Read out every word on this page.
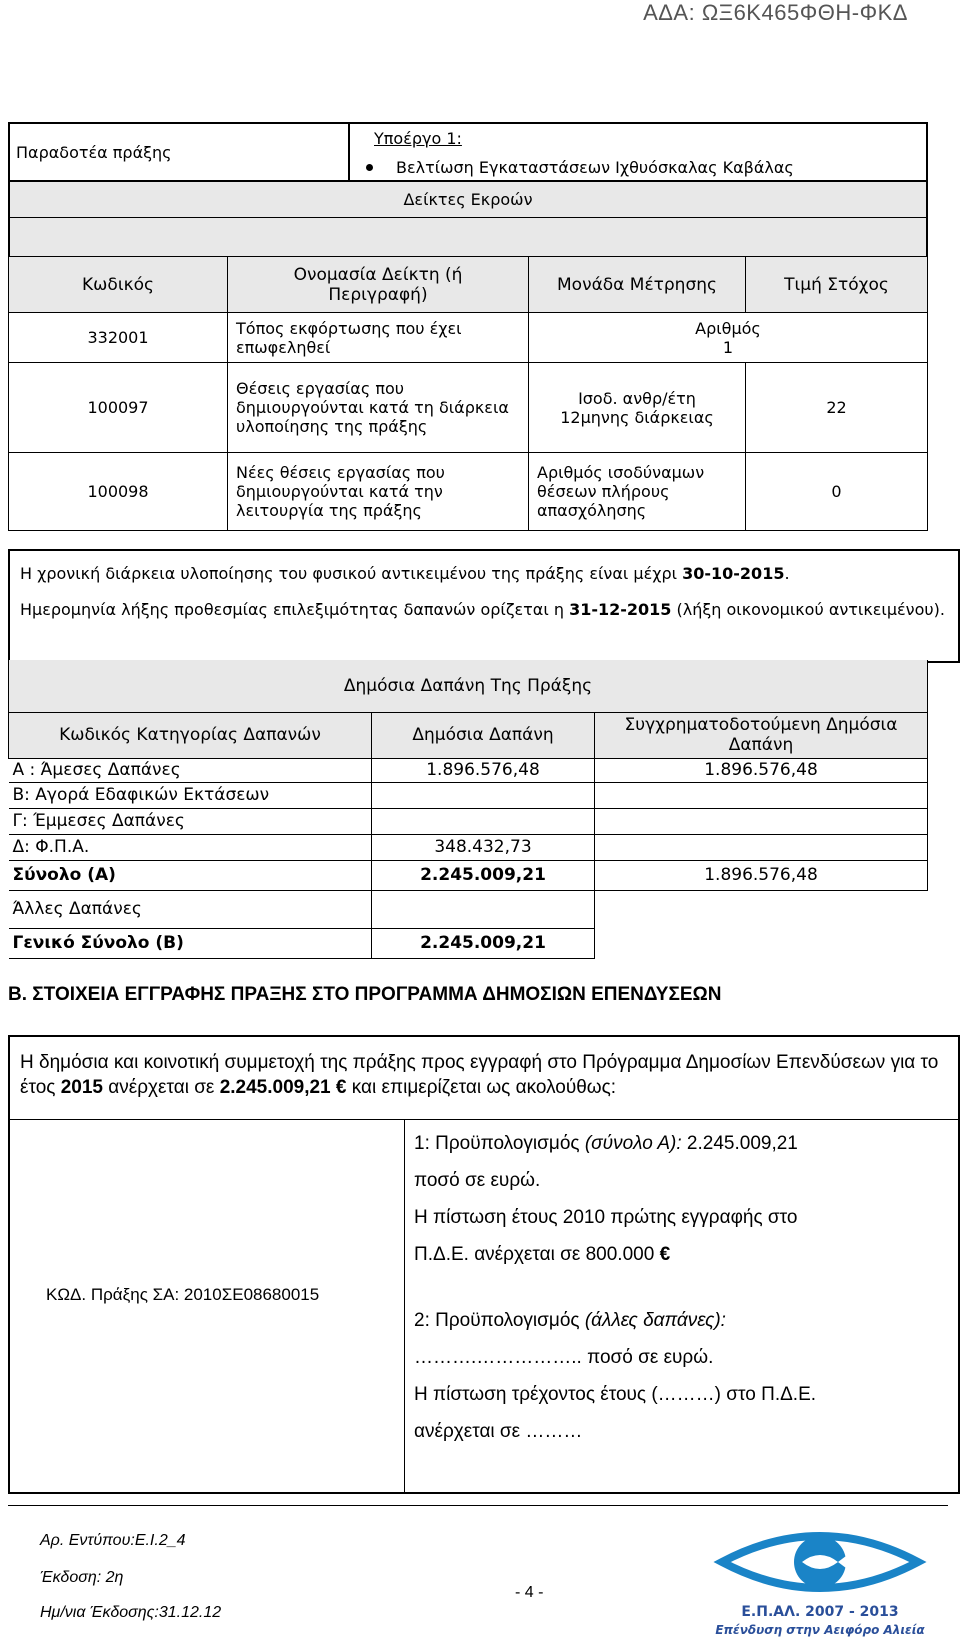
ΑΔΑ: ΩΞ6Κ465ΦΘΗ-ΦΚΔ
Παραδοτέα πράξης	
Υποέργο 1:
Βελτίωση Εγκαταστάσεων Ιχθυόσκαλας Καβάλας

Δείκτες Εκροών

Κωδικός	Ονομασία Δείκτη (ή Περιγραφή)	Μονάδα Μέτρησης	Τιμή Στόχος
332001	Τόπος εκφόρτωσης που έχει επωφεληθεί	Αριθμός 1	
100097	Θέσεις εργασίας που δημιουργούνται κατά τη διάρκεια υλοποίησης της πράξης	Ισοδ. ανθρ/έτη 12μηνης διάρκειας	22
100098	Νέες θέσεις εργασίας που δημιουργούνται κατά την λειτουργία της πράξης	Αριθμός ισοδύναμων θέσεων πλήρους απασχόλησης	0
Η χρονική διάρκεια υλοποίησης του φυσικού αντικειμένου της πράξης είναι μέχρι 30-10-2015.
Ημερομηνία λήξης προθεσμίας επιλεξιμότητας δαπανών ορίζεται η 31-12-2015 (λήξη οικονομικού αντικειμένου).
Δημόσια Δαπάνη Της Πράξης		
Κωδικός Κατηγορίας Δαπανών	Δημόσια Δαπάνη	Συγχρηματοδοτούμενη Δημόσια Δαπάνη
Α : Άμεσες Δαπάνες	1.896.576,48	1.896.576,48
Β: Αγορά Εδαφικών Εκτάσεων		
Γ: Έμμεσες Δαπάνες		
Δ: Φ.Π.Α.	348.432,73	
Σύνολο (Α)	2.245.009,21	1.896.576,48
Άλλες Δαπάνες		
Γενικό Σύνολο (Β)	2.245.009,21	
Β. ΣΤΟΙΧΕΙΑ ΕΓΓΡΑΦΗΣ ΠΡΑΞΗΣ ΣΤΟ ΠΡΟΓΡΑΜΜΑ ΔΗΜΟΣΙΩΝ ΕΠΕΝΔΥΣΕΩΝ
Η δημόσια και κοινοτική συμμετοχή της πράξης προς εγγραφή στο Πρόγραμμα Δημοσίων Επενδύσεων για το έτος 2015 ανέρχεται σε 2.245.009,21 € και επιμερίζεται ως ακολούθως:
ΚΩΔ. Πράξης ΣΑ: 2010ΣΕ08680015
1: Προϋπολογισμός (σύνολο Α): 2.245.009,21
ποσό σε ευρώ.
Η πίστωση έτους 2010 πρώτης εγγραφής στο
Π.Δ.Ε. ανέρχεται σε 800.000 €
2: Προϋπολογισμός (άλλες δαπάνες):
……….…………….. ποσό σε ευρώ.
Η πίστωση τρέχοντος έτους (………) στο Π.Δ.Ε.
ανέρχεται σε ………
Αρ. Εντύπου:Ε.Ι.2_4
Έκδοση: 2η
Ημ/νια Έκδοσης:31.12.12
- 4 -
Ε.Π.ΑΛ. 2007 - 2013
Επένδυση στην Αειφόρο Αλιεία
